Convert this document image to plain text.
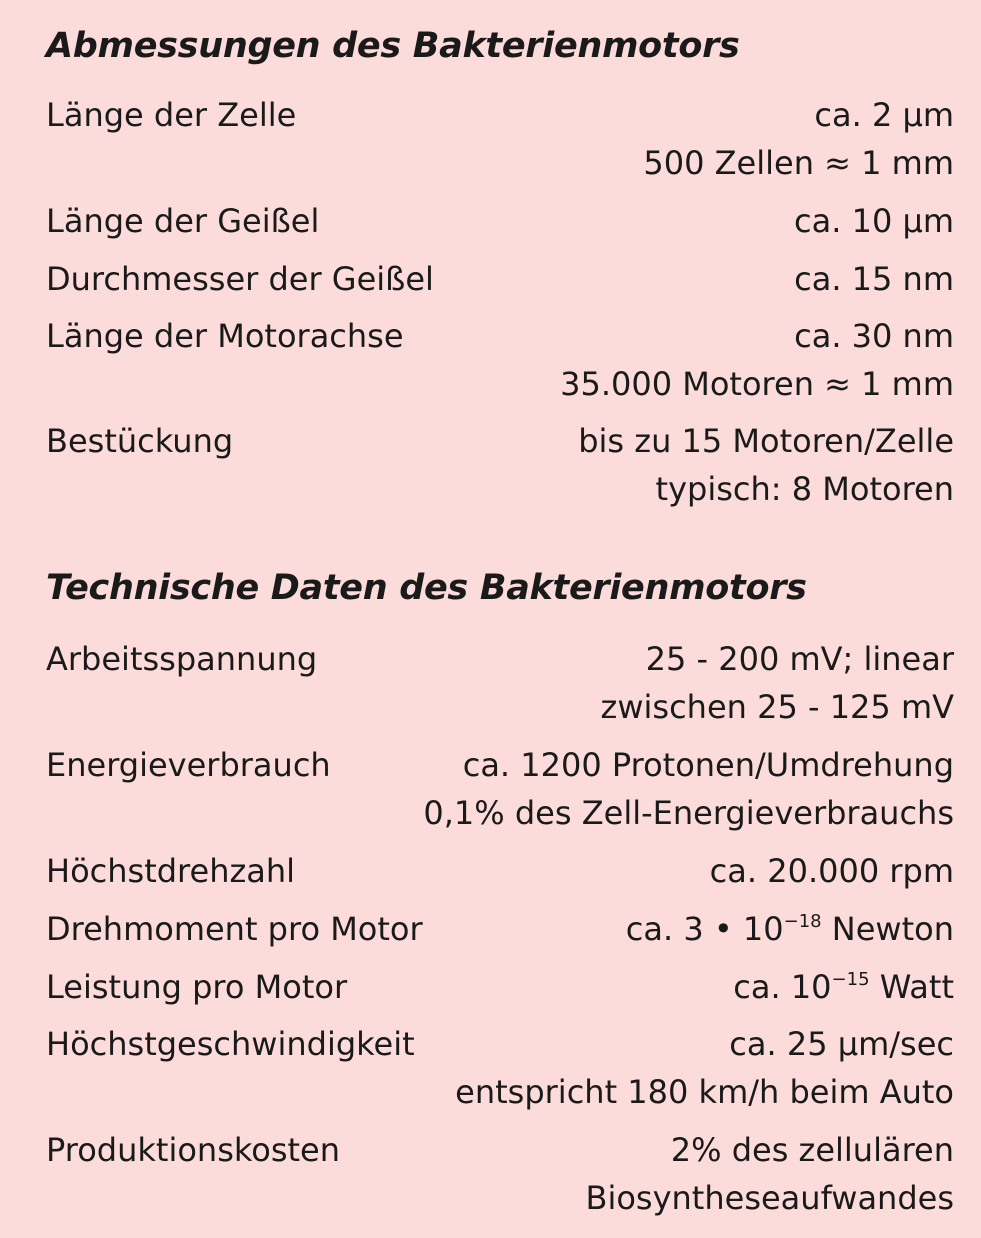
Abmessungen des Bakterienmotors
Länge der Zelle	ca. 2 µm
500 Zellen ≈ 1 mm
Länge der Geißel	ca. 10 µm
Durchmesser der Geißel	ca. 15 nm
Länge der Motorachse	ca. 30 nm
35.000 Motoren ≈ 1 mm
Bestückung	bis zu 15 Motoren/Zelle
typisch: 8 Motoren
Technische Daten des Bakterienmotors
Arbeitsspannung	25 - 200 mV; linear
zwischen 25 - 125 mV
Energieverbrauch	ca. 1200 Protonen/Umdrehung
0,1% des Zell-Energieverbrauchs
Höchstdrehzahl	ca. 20.000 rpm
Drehmoment pro Motor	ca. 3 • $10^{-18}$ Newton
Leistung pro Motor	ca. $10^{-15}$ Watt
Höchstgeschwindigkeit	ca. 25 µm/sec
entspricht 180 km/h beim Auto
Produktionskosten	2% des zellulären
Biosyntheseaufwandes
